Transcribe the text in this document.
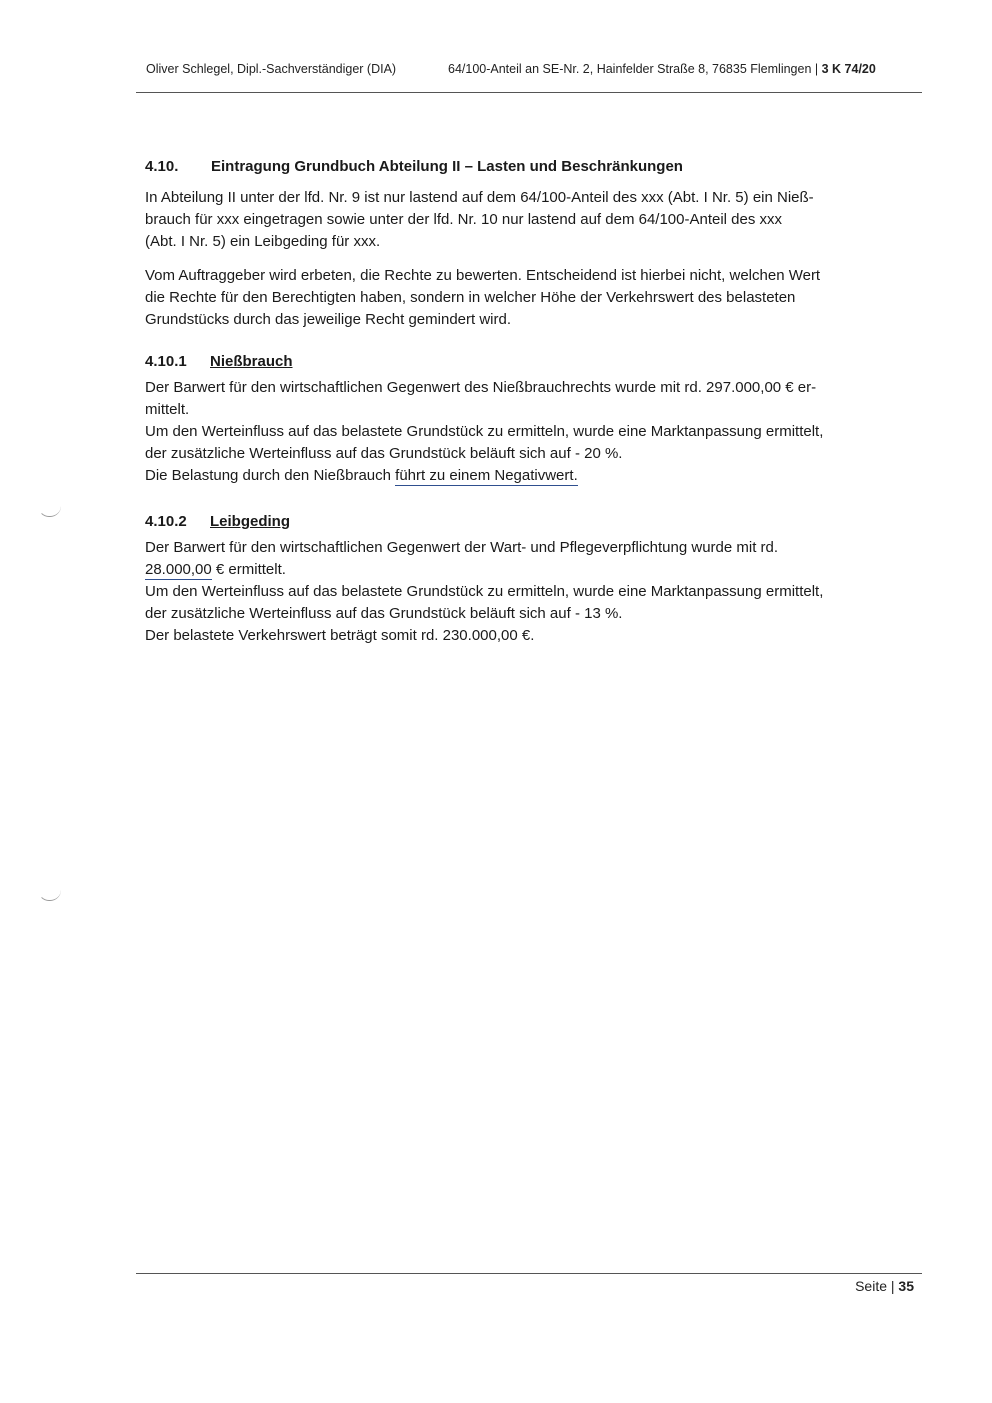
Oliver Schlegel, Dipl.-Sachverständiger (DIA)	64/100-Anteil an SE-Nr. 2, Hainfelder Straße 8, 76835 Flemlingen | 3 K 74/20
4.10. Eintragung Grundbuch Abteilung II – Lasten und Beschränkungen
In Abteilung II unter der lfd. Nr. 9 ist nur lastend auf dem 64/100-Anteil des xxx (Abt. I Nr. 5) ein Nieß-
brauch für xxx eingetragen sowie unter der lfd. Nr. 10 nur lastend auf dem 64/100-Anteil des xxx
(Abt. I Nr. 5) ein Leibgeding für xxx.
Vom Auftraggeber wird erbeten, die Rechte zu bewerten. Entscheidend ist hierbei nicht, welchen Wert
die Rechte für den Berechtigten haben, sondern in welcher Höhe der Verkehrswert des belasteten
Grundstücks durch das jeweilige Recht gemindert wird.
4.10.1 Nießbrauch
Der Barwert für den wirtschaftlichen Gegenwert des Nießbrauchrechts wurde mit rd. 297.000,00 € er-
mittelt.
Um den Werteinfluss auf das belastete Grundstück zu ermitteln, wurde eine Marktanpassung ermittelt,
der zusätzliche Werteinfluss auf das Grundstück beläuft sich auf - 20 %.
Die Belastung durch den Nießbrauch führt zu einem Negativwert.
4.10.2 Leibgeding
Der Barwert für den wirtschaftlichen Gegenwert der Wart- und Pflegeverpflichtung wurde mit rd.
28.000,00 € ermittelt.
Um den Werteinfluss auf das belastete Grundstück zu ermitteln, wurde eine Marktanpassung ermittelt,
der zusätzliche Werteinfluss auf das Grundstück beläuft sich auf - 13 %.
Der belastete Verkehrswert beträgt somit rd. 230.000,00 €.
Seite | 35
